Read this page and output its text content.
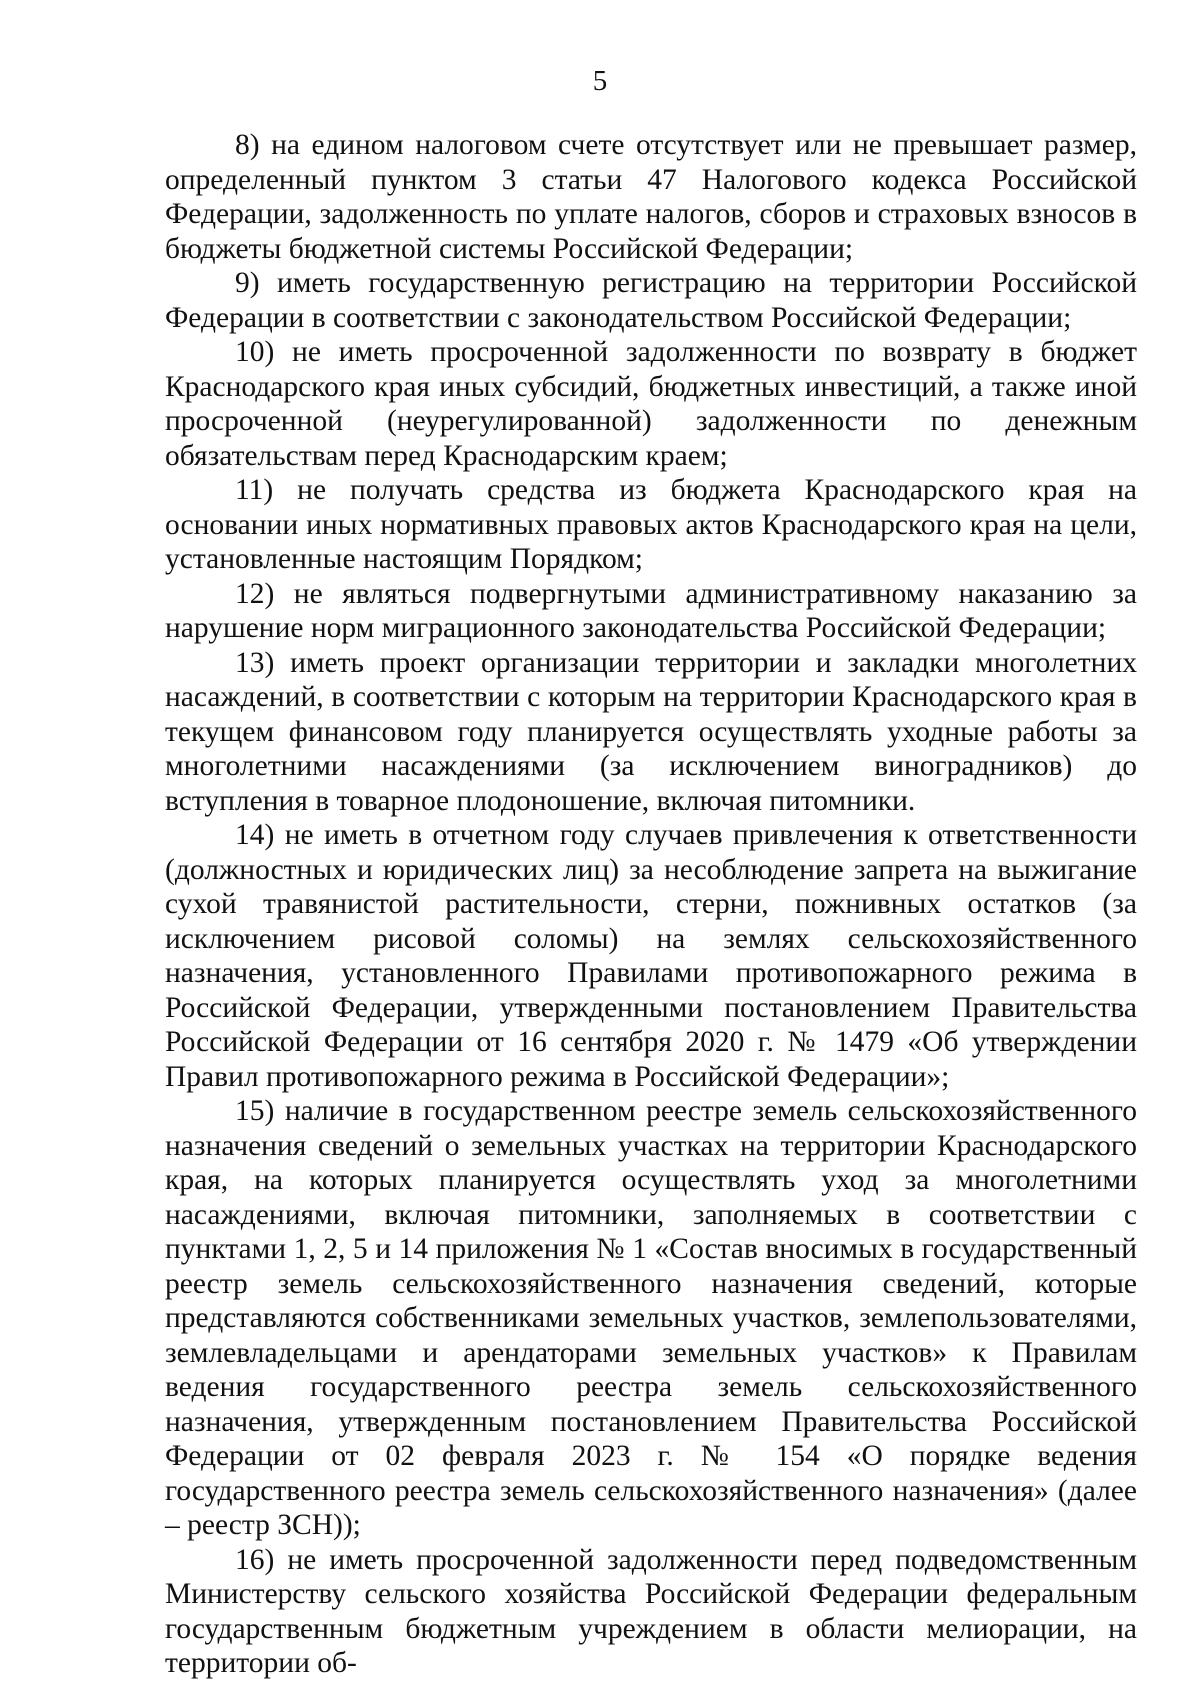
5

8) на едином налоговом счете отсутствует или не превышает размер, определенный пунктом 3 статьи 47 Налогового кодекса Российской Федерации, задолженность по уплате налогов, сборов и страховых взносов в бюджеты бюджетной системы Российской Федерации;

9) иметь государственную регистрацию на территории Российской Федерации в соответствии с законодательством Российской Федерации;

10) не иметь просроченной задолженности по возврату в бюджет Краснодарского края иных субсидий, бюджетных инвестиций, а также иной просроченной (неурегулированной) задолженности по денежным обязательствам перед Краснодарским краем;

11) не получать средства из бюджета Краснодарского края на основании иных нормативных правовых актов Краснодарского края на цели, установленные настоящим Порядком;

12) не являться подвергнутыми административному наказанию за нарушение норм миграционного законодательства Российской Федерации;

13) иметь проект организации территории и закладки многолетних насаждений, в соответствии с которым на территории Краснодарского края в текущем финансовом году планируется осуществлять уходные работы за многолетними насаждениями (за исключением виноградников) до вступления в товарное плодоношение, включая питомники.

14) не иметь в отчетном году случаев привлечения к ответственности (должностных и юридических лиц) за несоблюдение запрета на выжигание сухой травянистой растительности, стерни, пожнивных остатков (за исключением рисовой соломы) на землях сельскохозяйственного назначения, установленного Правилами противопожарного режима в Российской Федерации, утвержденными постановлением Правительства Российской Федерации от 16 сентября 2020 г. № 1479 «Об утверждении Правил противопожарного режима в Российской Федерации»;

15) наличие в государственном реестре земель сельскохозяйственного назначения сведений о земельных участках на территории Краснодарского края, на которых планируется осуществлять уход за многолетними насаждениями, включая питомники, заполняемых в соответствии с пунктами 1, 2, 5 и 14 приложения № 1 «Состав вносимых в государственный реестр земель сельскохозяйственного назначения сведений, которые представляются собственниками земельных участков, землепользователями, землевладельцами и арендаторами земельных участков» к Правилам ведения государственного реестра земель сельскохозяйственного назначения, утвержденным постановлением Правительства Российской Федерации от 02 февраля 2023 г. № 154 «О порядке ведения государственного реестра земель сельскохозяйственного назначения» (далее – реестр ЗСН));

16) не иметь просроченной задолженности перед подведомственным Министерству сельского хозяйства Российской Федерации федеральным государственным бюджетным учреждением в области мелиорации, на территории об-
